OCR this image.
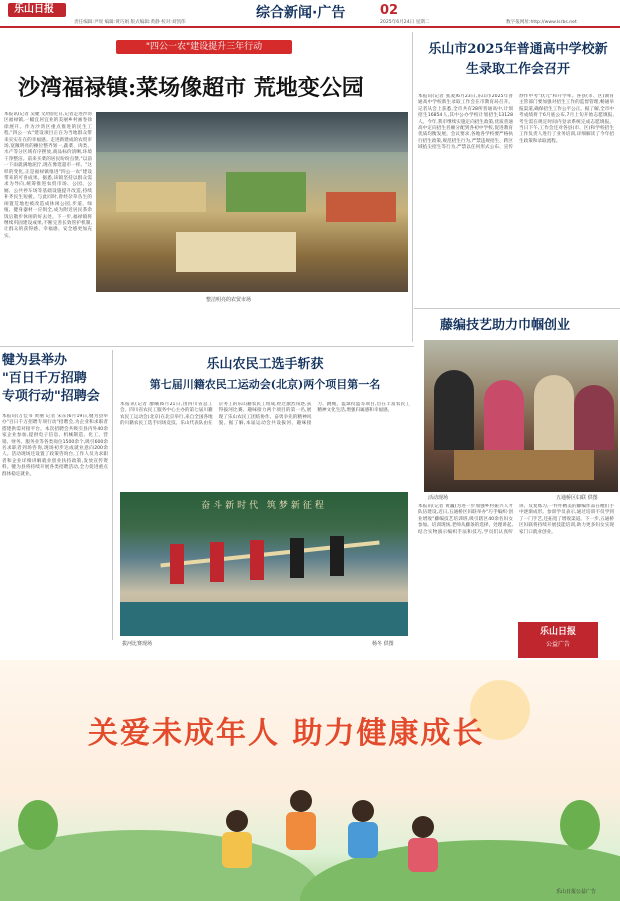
乐山日报
责任编辑:尹瑶 编辑:黄巧娟 版式编辑:黄静 校对:刘凯伟
综合新闻·广告	02
2025年6月24日 星期二	数字报网址:http://www.lsrbs.net
"四公一农"建设提升三年行动
沙湾福禄镇:菜场像超市 荒地变公园
本报讯(记者 吴婕 文/图)近日,记者走进沙湾区福禄镇,一幅宜居宜业的美丽乡村画卷徐徐展开。作为沙湾区重点推进的民生工程,"四公一农"建设项目正在为当地群众带来实实在在的幸福感。走进新建成的农贸市场,宽敞明亮的摊位整齐划一,蔬菜、肉类、水产等分区域有序摆放,商品标价清晰,环境干净整洁。前来买菜的居民纷纷点赞,"以前一下雨就满地泥泞,现在像逛超市一样。"这样的变化,正是福禄镇推进"四公一农"建设带来的可喜成果。据悉,该镇坚持以群众需求为导向,统筹推进农贸市场、公园、公厕、公共停车场等基础设施提升改造,持续补齐民生短板。与此同时,曾经杂草丛生的闲置荒地也被改造成休闲公园,步道、绿植、健身器材一应俱全,成为附近居民茶余饭后散步休闲的好去处。下一步,福禄镇将继续巩固建设成果,不断完善长效管护机制,让群众的获得感、幸福感、安全感更加充实。
整洁明亮的农贸市场
乐山市2025年普通高中学校新生录取工作会召开
本报讯(记者 张凌)6月23日,乐山市2025年普通高中学校新生录取工作会在市教育局召开。记者从会上获悉,全市共有28所普通高中,计划招生16854人,其中公办学校计划招生13128人。今年,我市继续实施定向招生政策,优质普通高中定向招生名额分配到各初中学校,促进教育优质均衡发展。会议要求,各地各学校要严格执行招生政策,规范招生行为,严禁违规招生、跨区域掐尖招生等行为,严禁以任何形式公布、宣传炒作中考"状元"和升学率。各县(市、区)教育主管部门要加强对招生工作的监督管理,畅通举报渠道,确保招生工作公平公正。据了解,全市中考成绩将于6月底公布,7月上旬开始志愿填报,考生需在规定时间内登录系统完成志愿填报。当日下午,工作会还对各县(市、区)和学校招生工作负责人进行了业务培训,详细解读了今年招生政策和录取流程。
藤编技艺助力巾帼创业
活动现场	五通桥区妇联 供图
本报讯(记者 黄巍)为进一步加强乡村振兴人才队伍建设,近日,五通桥区妇联举办"巧手编织·创业增收"藤编技艺培训班,吸引辖区40余名妇女参加。培训现场,老师从藤条的选择、处理讲起,结合实物演示编织手法和技巧,学员们认真听讲、反复练习,一件件精美的藤编作品在她们手中逐渐成形。参训学员表示,通过培训不仅学到了一门手艺,还拓宽了增收渠道。下一步,五通桥区妇联将持续开展技能培训,助力更多妇女实现家门口就业创业。
乐山日报
公益广告
犍为县举办
"百日千万招聘
专项行动"招聘会
本报讯(万佳书 黄丽 记者 宋东)6月19日,犍为县举办"百日千万招聘专项行动"招聘会,为企业和求职者搭建供需对接平台。本次招聘会共吸引县内外40余家企业参加,提供电子信息、机械制造、化工、营销、财务、服务业等各类岗位1500余个,吸引600余名求职者到场咨询,现场初步达成就业意向200余人。活动现场还设置了政策咨询台,工作人员为求职者和企业详细讲解就业创业扶持政策,发放宣传资料。犍为县将持续开展各类招聘活动,全力促进重点群体稳定就业。
乐山农民工选手斩获
第七届川籍农民工运动会(北京)两个项目第一名
本报讯(记者 廖曦)6月21日,由四川省总工会、四川省农民工服务中心主办的第七届川籍农民工运动会(北京)在北京举行,来自全国各地的川籍农民工选手同场竞技。乐山代表队由在京务工的乐山籍农民工组成,经过激烈角逐,获得拔河比赛、趣味接力两个项目的第一名,展现了乐山农民工团结协作、奋勇争先的精神风貌。据了解,本届运动会共设拔河、趣味接力、跳绳、篮球投篮等项目,旨在丰富农民工精神文化生活,增强归属感和幸福感。
奋斗新时代 筑梦新征程
拔河比赛现场	杨冬 供图
关爱未成年人 助力健康成长
乐山日报公益广告
